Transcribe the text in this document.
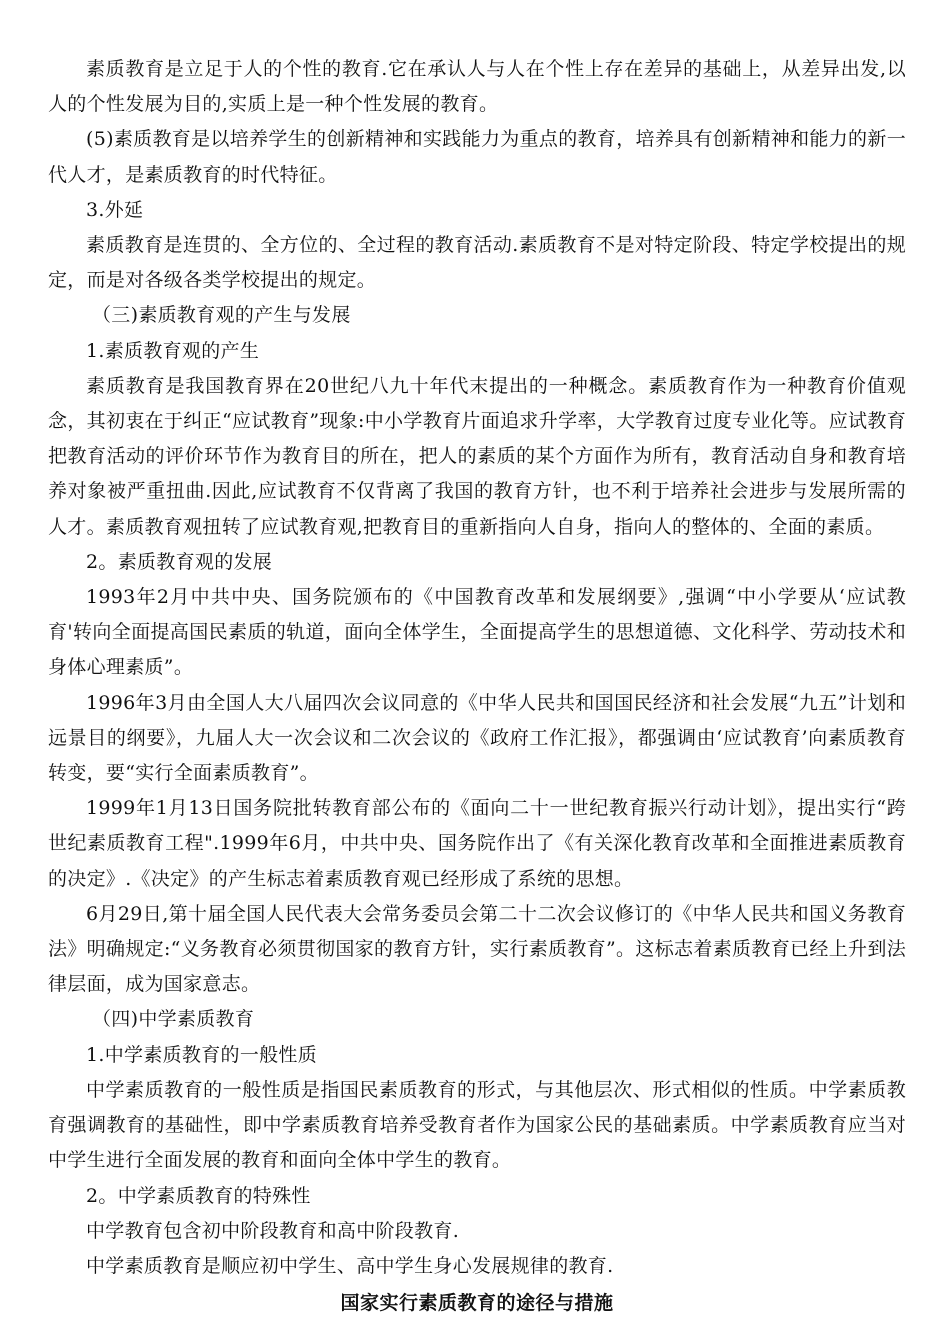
素质教育是立足于人的个性的教育.它在承认人与人在个性上存在差异的基础上，从差异出发,以人的个性发展为目的,实质上是一种个性发展的教育。

(5)素质教育是以培养学生的创新精神和实践能力为重点的教育，培养具有创新精神和能力的新一代人才，是素质教育的时代特征。

3.外延

素质教育是连贯的、全方位的、全过程的教育活动.素质教育不是对特定阶段、特定学校提出的规定，而是对各级各类学校提出的规定。

（三)素质教育观的产生与发展

1.素质教育观的产生

素质教育是我国教育界在20世纪八九十年代末提出的一种概念。素质教育作为一种教育价值观念，其初衷在于纠正“应试教育”现象:中小学教育片面追求升学率，大学教育过度专业化等。应试教育把教育活动的评价环节作为教育目的所在，把人的素质的某个方面作为所有，教育活动自身和教育培养对象被严重扭曲.因此,应试教育不仅背离了我国的教育方针，也不利于培养社会进步与发展所需的人才。素质教育观扭转了应试教育观,把教育目的重新指向人自身，指向人的整体的、全面的素质。

2。素质教育观的发展

1993年2月中共中央、国务院颁布的《中国教育改革和发展纲要》,强调“中小学要从‘应试教育'转向全面提高国民素质的轨道，面向全体学生，全面提高学生的思想道德、文化科学、劳动技术和身体心理素质”。

1996年3月由全国人大八届四次会议同意的《中华人民共和国国民经济和社会发展“九五”计划和远景目的纲要》，九届人大一次会议和二次会议的《政府工作汇报》，都强调由‘应试教育’向素质教育转变，要“实行全面素质教育”。

1999年1月13日国务院批转教育部公布的《面向二十一世纪教育振兴行动计划》，提出实行“跨世纪素质教育工程".1999年6月，中共中央、国务院作出了《有关深化教育改革和全面推进素质教育的决定》.《决定》的产生标志着素质教育观已经形成了系统的思想。

6月29日,第十届全国人民代表大会常务委员会第二十二次会议修订的《中华人民共和国义务教育法》明确规定:“义务教育必须贯彻国家的教育方针，实行素质教育”。这标志着素质教育已经上升到法律层面，成为国家意志。

（四)中学素质教育

1.中学素质教育的一般性质

中学素质教育的一般性质是指国民素质教育的形式，与其他层次、形式相似的性质。中学素质教育强调教育的基础性，即中学素质教育培养受教育者作为国家公民的基础素质。中学素质教育应当对中学生进行全面发展的教育和面向全体中学生的教育。

2。中学素质教育的特殊性

中学教育包含初中阶段教育和高中阶段教育.

中学素质教育是顺应初中学生、高中学生身心发展规律的教育.

国家实行素质教育的途径与措施
